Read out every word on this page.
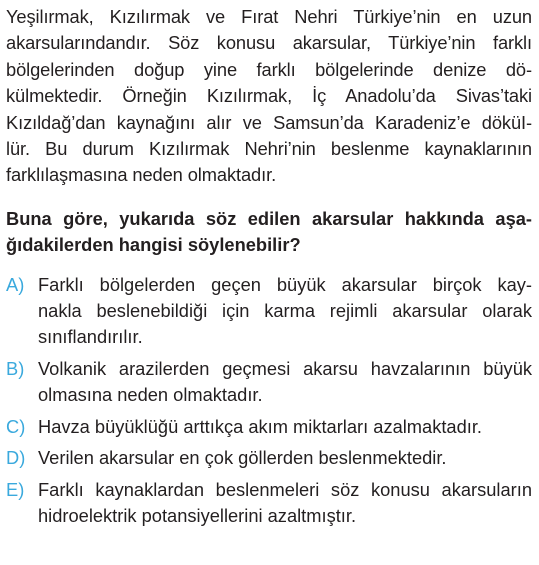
Yeşilırmak, Kızılırmak ve Fırat Nehri Türkiye’nin en uzun
akarsularındandır. Söz konusu akarsular, Türkiye’nin farklı
bölgelerinden doğup yine farklı bölgelerinde denize dö-
külmektedir. Örneğin Kızılırmak, İç Anadolu’da Sivas’taki
Kızıldağ’dan kaynağını alır ve Samsun’da Karadeniz’e döküI-
lür. Bu durum Kızılırmak Nehri’nin beslenme kaynaklarının
farklılaşmasına neden olmaktadır.
Buna göre, yukarıda söz edilen akarsular hakkında aşa-
ğıdakilerden hangisi söylenebilir?
A) Farklı bölgelerden geçen büyük akarsular birçok kay-
nakla beslenebildiği için karma rejimli akarsular olarak
sınıflandırılır.
B) Volkanik arazilerden geçmesi akarsu havzalarının büyük
olmasına neden olmaktadır.
C) Havza büyüklüğü arttıkça akım miktarları azalmaktadır.
D) Verilen akarsular en çok göllerden beslenmektedir.
E) Farklı kaynaklardan beslenmeleri söz konusu akarsuların
hidroelektrik potansiyellerini azaltmıştır.
